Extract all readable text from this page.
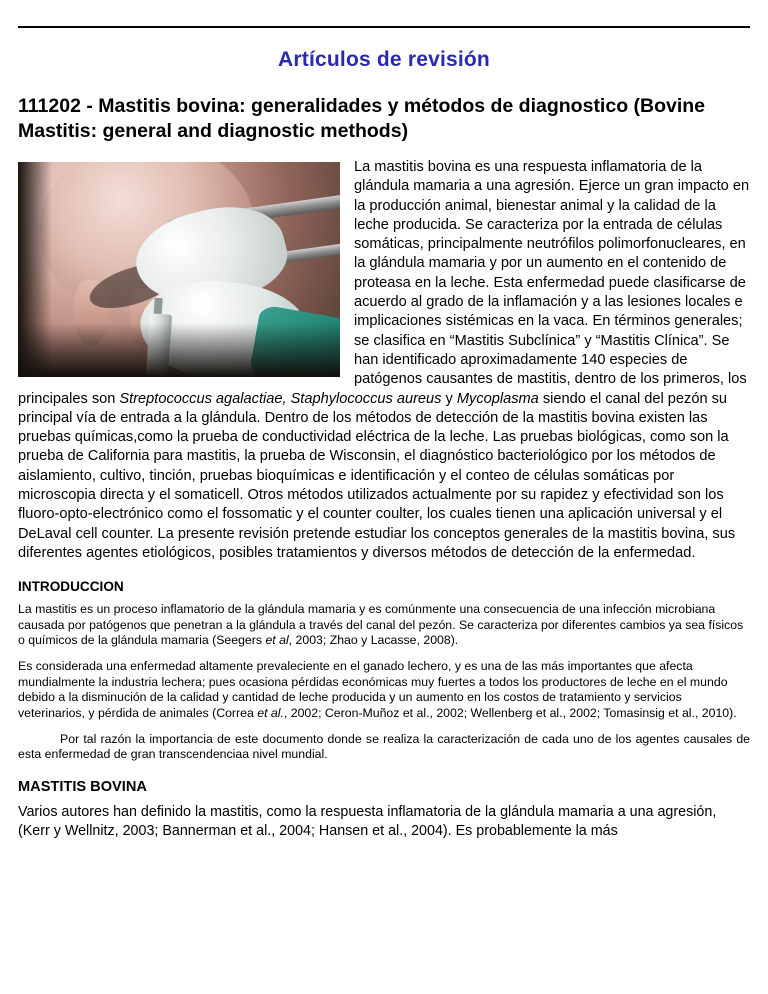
Artículos de revisión
111202 - Mastitis bovina: generalidades y métodos de diagnostico (Bovine Mastitis: general and diagnostic methods)
La mastitis bovina es una respuesta inflamatoria de la glándula mamaria a una agresión. Ejerce un gran impacto en la producción animal, bienestar animal y la calidad de la leche producida. Se caracteriza por la entrada de células somáticas, principalmente neutrófilos polimorfonucleares, en la glándula mamaria y por un aumento en el contenido de proteasa en la leche. Esta enfermedad puede clasificarse de acuerdo al grado de la inflamación y a las lesiones locales e implicaciones sistémicas en la vaca. En términos generales; se clasifica en “Mastitis Subclínica” y “Mastitis Clínica”. Se han identificado aproximadamente 140 especies de patógenos causantes de mastitis, dentro de los primeros, los principales son Streptococcus agalactiae, Staphylococcus aureus y Mycoplasma siendo el canal del pezón su principal vía de entrada a la glándula. Dentro de los métodos de detección de la mastitis bovina existen las pruebas químicas,como la prueba de conductividad eléctrica de la leche. Las pruebas biológicas, como son la prueba de California para mastitis, la prueba de Wisconsin, el diagnóstico bacteriológico por los métodos de aislamiento, cultivo, tinción, pruebas bioquímicas e identificación y el conteo de células somáticas por microscopia directa y el somaticell. Otros métodos utilizados actualmente por su rapidez y efectividad son los fluoro-opto-electrónico como el fossomatic y el counter coulter, los cuales tienen una aplicación universal y el DeLaval cell counter. La presente revisión pretende estudiar los conceptos generales de la mastitis bovina, sus diferentes agentes etiológicos, posibles tratamientos y diversos métodos de detección de la enfermedad.
INTRODUCCION

La mastitis es un proceso inflamatorio de la glándula mamaria y es comúnmente una consecuencia de una infección microbiana causada por patógenos que penetran a la glándula a través del canal del pezón. Se caracteriza por diferentes cambios ya sea físicos o químicos de la glándula mamaria (Seegers et al, 2003; Zhao y Lacasse, 2008).

Es considerada una enfermedad altamente prevaleciente en el ganado lechero, y es una de las más importantes que afecta mundialmente la industria lechera; pues ocasiona pérdidas económicas muy fuertes a todos los productores de leche en el mundo debido a la disminución de la calidad y cantidad de leche producida y un aumento en los costos de tratamiento y servicios veterinarios, y pérdida de animales (Correa et al., 2002; Ceron-Muñoz et al., 2002; Wellenberg et al., 2002; Tomasinsig et al., 2010).

Por tal razón la importancia de este documento donde se realiza la caracterización de cada uno de los agentes causales de esta enfermedad de gran transcendenciaa nivel mundial.

MASTITIS BOVINA

Varios autores han definido la mastitis, como la respuesta inflamatoria de la glándula mamaria a una agresión, (Kerr y Wellnitz, 2003; Bannerman et al., 2004; Hansen et al., 2004). Es probablemente la más
